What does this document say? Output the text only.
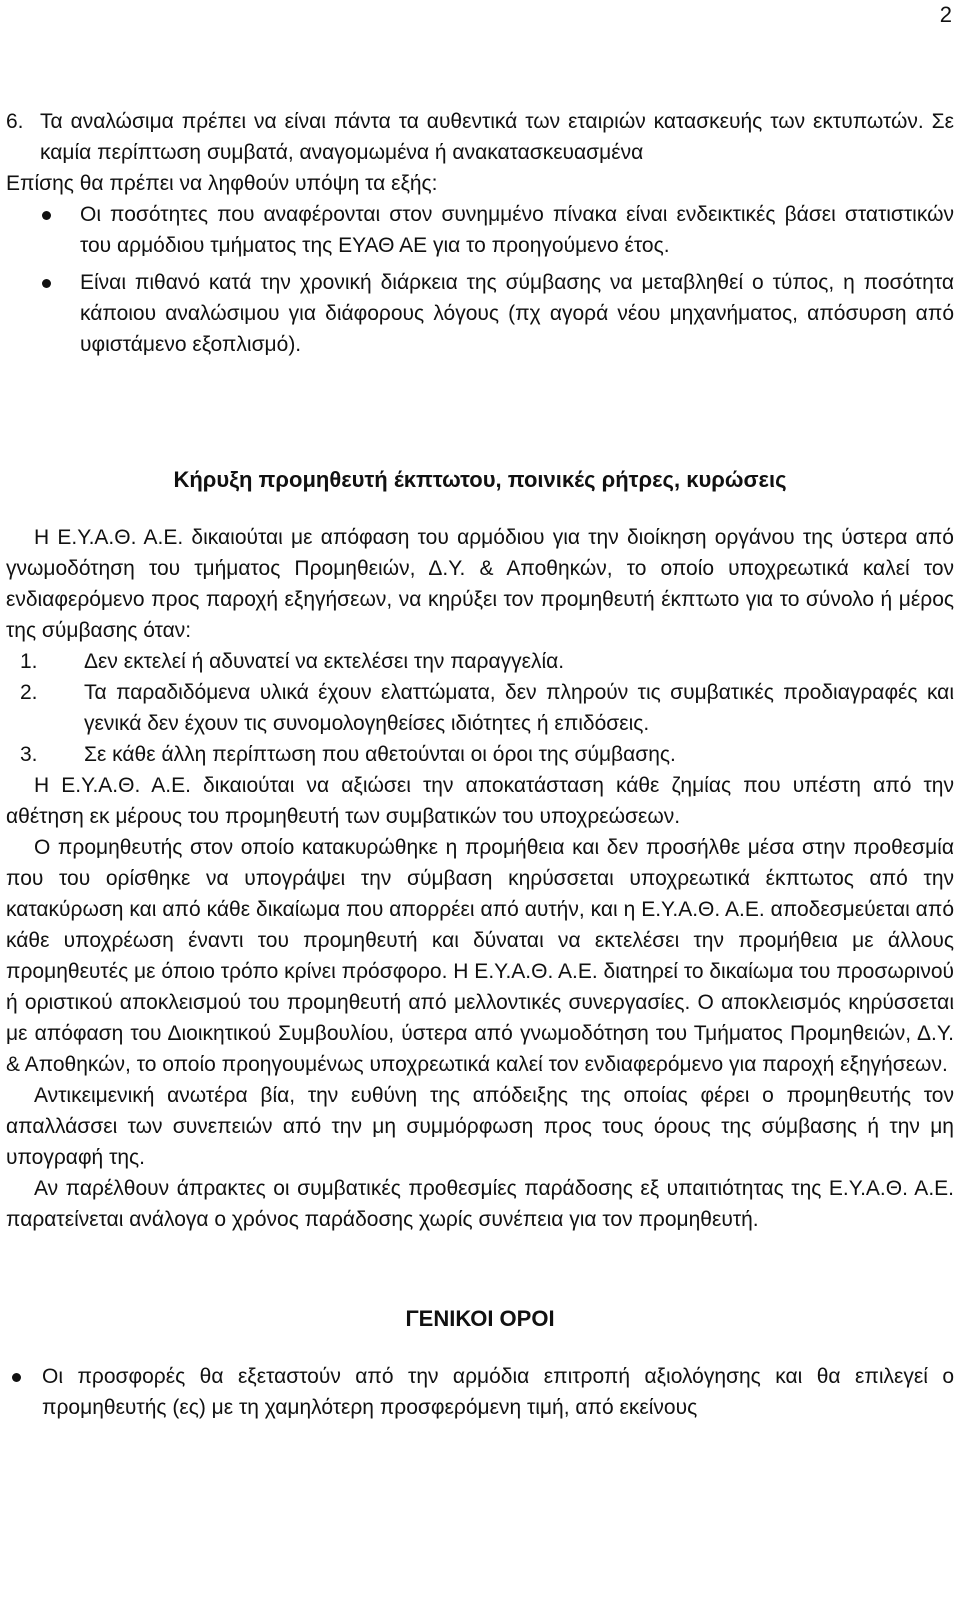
2
6. Τα αναλώσιμα πρέπει να είναι πάντα τα αυθεντικά των εταιριών κατασκευής των εκτυπωτών. Σε καμία περίπτωση συμβατά, αναγομωμένα ή ανακατασκευασμένα
Επίσης θα πρέπει να ληφθούν υπόψη τα εξής:
Οι ποσότητες που αναφέρονται στον συνημμένο πίνακα είναι ενδεικτικές βάσει στατιστικών του αρμόδιου τμήματος της ΕΥΑΘ ΑΕ για το προηγούμενο έτος.
Είναι πιθανό κατά την χρονική διάρκεια της σύμβασης να μεταβληθεί ο τύπος, η ποσότητα κάποιου αναλώσιμου για διάφορους λόγους (πχ αγορά νέου μηχανήματος, απόσυρση από υφιστάμενο εξοπλισμό).
Κήρυξη προμηθευτή έκπτωτου, ποινικές ρήτρες, κυρώσεις
Η Ε.Υ.Α.Θ. Α.Ε. δικαιούται με απόφαση του αρμόδιου για την διοίκηση οργάνου της ύστερα από γνωμοδότηση του τμήματος Προμηθειών, Δ.Υ. & Αποθηκών, το οποίο υποχρεωτικά καλεί τον ενδιαφερόμενο προς παροχή εξηγήσεων, να κηρύξει τον προμηθευτή έκπτωτο για το σύνολο ή μέρος της σύμβασης όταν:
1.	Δεν εκτελεί ή αδυνατεί να εκτελέσει την παραγγελία.
2.	Τα παραδιδόμενα υλικά έχουν ελαττώματα, δεν πληρούν τις συμβατικές προδιαγραφές και γενικά δεν έχουν τις συνομολογηθείσες ιδιότητες ή επιδόσεις.
3.	Σε κάθε άλλη περίπτωση που αθετούνται οι όροι της σύμβασης.
Η Ε.Υ.Α.Θ. Α.Ε. δικαιούται να αξιώσει την αποκατάσταση κάθε ζημίας που υπέστη από την αθέτηση εκ μέρους του προμηθευτή των συμβατικών του υποχρεώσεων.
Ο προμηθευτής στον οποίο κατακυρώθηκε η προμήθεια και δεν προσήλθε μέσα στην προθεσμία που του ορίσθηκε να υπογράψει την σύμβαση κηρύσσεται υποχρεωτικά έκπτωτος από την κατακύρωση και από κάθε δικαίωμα που απορρέει από αυτήν, και η Ε.Υ.Α.Θ. Α.Ε. αποδεσμεύεται από κάθε υποχρέωση έναντι του προμηθευτή και δύναται να εκτελέσει την προμήθεια με άλλους προμηθευτές με όποιο τρόπο κρίνει πρόσφορο. Η Ε.Υ.Α.Θ. Α.Ε. διατηρεί το δικαίωμα του προσωρινού ή οριστικού αποκλεισμού του προμηθευτή από μελλοντικές συνεργασίες. Ο αποκλεισμός κηρύσσεται με απόφαση του Διοικητικού Συμβουλίου, ύστερα από γνωμοδότηση του Τμήματος Προμηθειών, Δ.Υ. & Αποθηκών, το οποίο προηγουμένως υποχρεωτικά καλεί τον ενδιαφερόμενο για παροχή εξηγήσεων.
Αντικειμενική ανωτέρα βία, την ευθύνη της απόδειξης της οποίας φέρει ο προμηθευτής τον απαλλάσσει των συνεπειών από την μη συμμόρφωση προς τους όρους της σύμβασης ή την μη υπογραφή της.
Αν παρέλθουν άπρακτες οι συμβατικές προθεσμίες παράδοσης εξ υπαιτιότητας της Ε.Υ.Α.Θ. Α.Ε. παρατείνεται ανάλογα ο χρόνος παράδοσης χωρίς συνέπεια για τον προμηθευτή.
ΓΕΝΙΚΟΙ ΟΡΟΙ
Οι προσφορές θα εξεταστούν από την αρμόδια επιτροπή αξιολόγησης και θα επιλεγεί ο προμηθευτής (ες) με τη χαμηλότερη προσφερόμενη τιμή, από εκείνους
